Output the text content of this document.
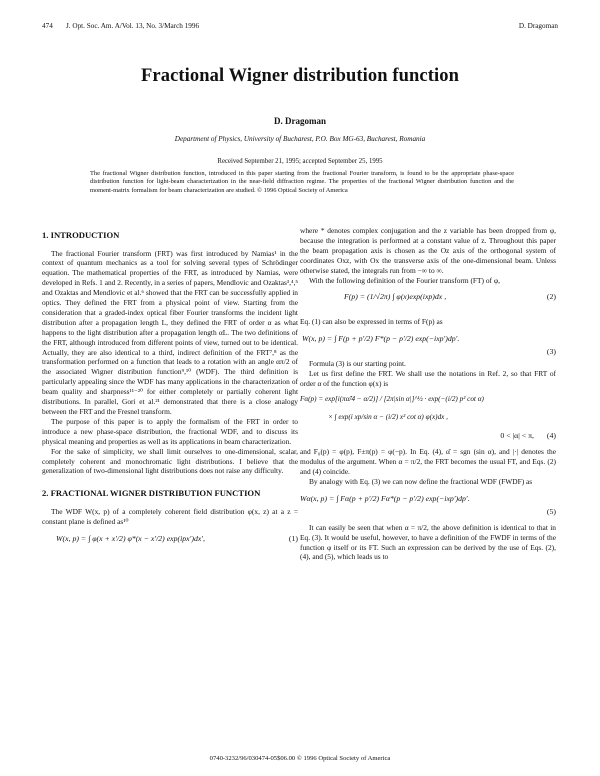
474 J. Opt. Soc. Am. A/Vol. 13, No. 3/March 1996	D. Dragoman
Fractional Wigner distribution function
D. Dragoman
Department of Physics, University of Bucharest, P.O. Box MG-63, Bucharest, Romania
Received September 21, 1995; accepted September 25, 1995
The fractional Wigner distribution function, introduced in this paper starting from the fractional Fourier transform, is found to be the appropriate phase-space distribution function for light-beam characterization in the near-field diffraction regime. The properties of the fractional Wigner distribution function and the moment-matrix formalism for beam characterization are studied. © 1996 Optical Society of America
1. INTRODUCTION

The fractional Fourier transform (FRT) was first introduced by Namias¹ in the context of quantum mechanics as a tool for solving several types of Schrödinger equation. The mathematical properties of the FRT, as introduced by Namias, were developed in Refs. 1 and 2. Recently, in a series of papers, Mendlovic and Ozaktas³,⁴,⁵ and Ozaktas and Mendlovic et al.⁶ showed that the FRT can be successfully applied in optics. They defined the FRT from a physical point of view. Starting from the consideration that a graded-index optical fiber Fourier transforms the incident light distribution after a propagation length L, they defined the FRT of order α as what happens to the light distribution after a propagation length αL. The two definitions of the FRT, although introduced from different points of view, turned out to be identical. Actually, they are also identical to a third, indirect definition of the FRT⁷,⁸ as the transformation performed on a function that leads to a rotation with an angle απ/2 of the associated Wigner distribution function⁹,¹⁰ (WDF). The third definition is particularly appealing since the WDF has many applications in the characterization of beam quality and sharpness¹¹⁻²⁰ for either completely or partially coherent light distributions. In parallel, Gori et al.²¹ demonstrated that there is a close analogy between the FRT and the Fresnel transform.

The purpose of this paper is to apply the formalism of the FRT in order to introduce a new phase-space distribution, the fractional WDF, and to discuss its physical meaning and properties as well as its applications in beam characterization.

For the sake of simplicity, we shall limit ourselves to one-dimensional, scalar, completely coherent and monochromatic light distributions. I believe that the generalization of two-dimensional light distributions does not raise any difficulty.

2. FRACTIONAL WIGNER DISTRIBUTION FUNCTION

The WDF W(x, p) of a completely coherent field distribution φ(x, z) at a z = constant plane is defined as¹⁰

W(x, p) = ∫ φ(x + x′/2) φ*(x − x′/2) exp(ipx′)dx′,	(1)

where * denotes complex conjugation and the z variable has been dropped from φ, because the integration is performed at a constant value of z. Throughout this paper the beam propagation axis is chosen as the Oz axis of the orthogonal system of coordinates Oxz, with Ox the transverse axis of the one-dimensional beam. Unless otherwise stated, the integrals run from −∞ to ∞.

With the following definition of the Fourier transform (FT) of φ,

F(p) = (1/√2π) ∫ φ(x)exp(ixp)dx ,	(2)

Eq. (1) can also be expressed in terms of F(p) as

W(x, p) = ∫ F(p + p′/2) F*(p − p′/2) exp(−ixp′)dp′.
(3)

Formula (3) is our starting point.

Let us first define the FRT. We shall use the notations in Ref. 2, so that FRT of order α of the function φ(x) is

Fα(p) = exp[i(πα̂/4 − α/2)] / [2π|sin α|]^½ · exp(−(i/2) p² cot α)
× ∫ exp(i xp/sin α − (i/2) x² cot α) φ(x)dx ,
0 < |α| < π, (4)

and F₀(p) = φ(p), F±π(p) = φ(−p). In Eq. (4), α̂ = sgn (sin α), and |·| denotes the modulus of the argument. When α = π/2, the FRT becomes the usual FT, and Eqs. (2) and (4) coincide.

By analogy with Eq. (3) we can now define the fractional WDF (FWDF) as

Wα(x, p) = ∫ Fα(p + p′/2) Fα*(p − p′/2) exp(−ixp′)dp′.
(5)

It can easily be seen that when α = π/2, the above definition is identical to that in Eq. (3). It would be useful, however, to have a definition of the FWDF in terms of the function φ itself or its FT. Such an expression can be derived by the use of Eqs. (2), (4), and (5), which leads us to

0740-3232/96/030474-05$06.00 © 1996 Optical Society of America
